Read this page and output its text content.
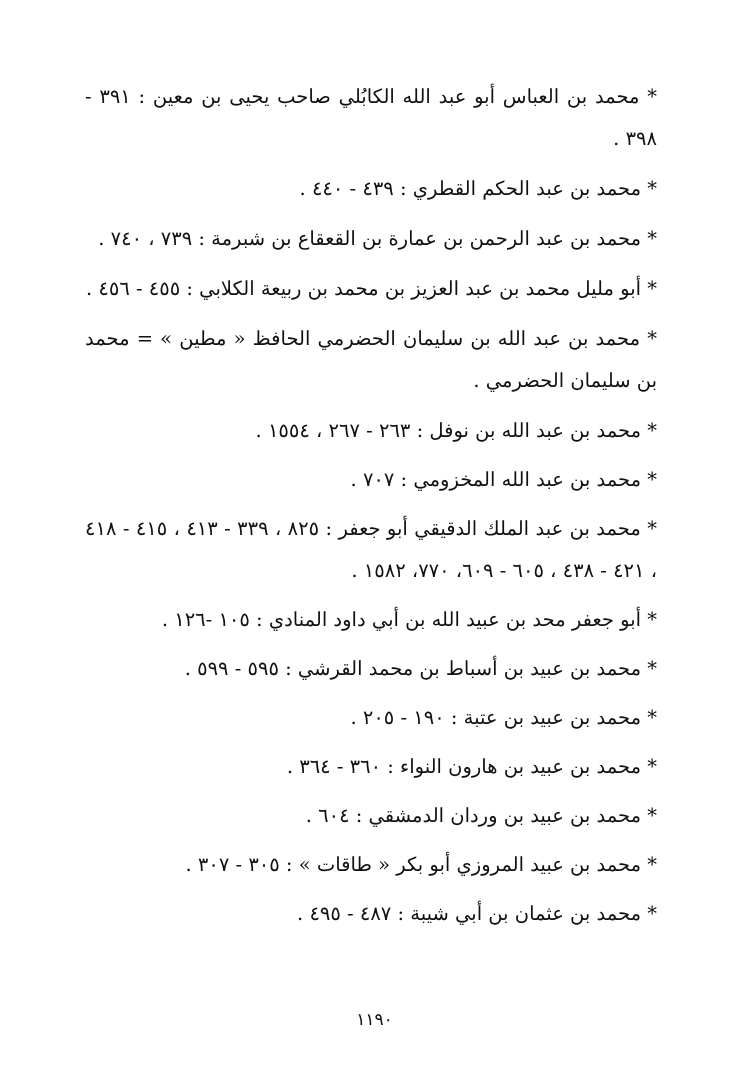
* محمد بن العباس أبو عبد الله الكابُلي صاحب يحيى بن معين : ٣٩١ - ٣٩٨ .

* محمد بن عبد الحكم القطري : ٤٣٩ - ٤٤٠ .

* محمد بن عبد الرحمن بن عمارة بن القعقاع بن شبرمة : ٧٣٩ ، ٧٤٠ .

* أبو مليل محمد بن عبد العزيز بن محمد بن ربيعة الكلابي : ٤٥٥ - ٤٥٦ .

* محمد بن عبد الله بن سليمان الحضرمي الحافظ « مطين » = محمد بن سليمان الحضرمي .

* محمد بن عبد الله بن نوفل : ٢٦٣ - ٢٦٧ ، ١٥٥٤ .

* محمد بن عبد الله المخزومي : ٧٠٧ .

* محمد بن عبد الملك الدقيقي أبو جعفر : ٨٢٥ ، ٣٣٩ - ٤١٣ ، ٤١٥ - ٤١٨ ، ٤٢١ - ٤٣٨ ، ٦٠٥ - ٦٠٩، ٧٧٠، ١٥٨٢ .

* أبو جعفر محد بن عبيد الله بن أبي داود المنادي : ١٠٥ -١٢٦ .

* محمد بن عبيد بن أسباط بن محمد القرشي : ٥٩٥ - ٥٩٩ .

* محمد بن عبيد بن عتبة : ١٩٠ - ٢٠٥ .

* محمد بن عبيد بن هارون النواء : ٣٦٠ - ٣٦٤ .

* محمد بن عبيد بن وردان الدمشقي : ٦٠٤ .

* محمد بن عبيد المروزي أبو بكر « طاقات » : ٣٠٥ - ٣٠٧ .

* محمد بن عثمان بن أبي شيبة : ٤٨٧ - ٤٩٥ .

١١٩٠
